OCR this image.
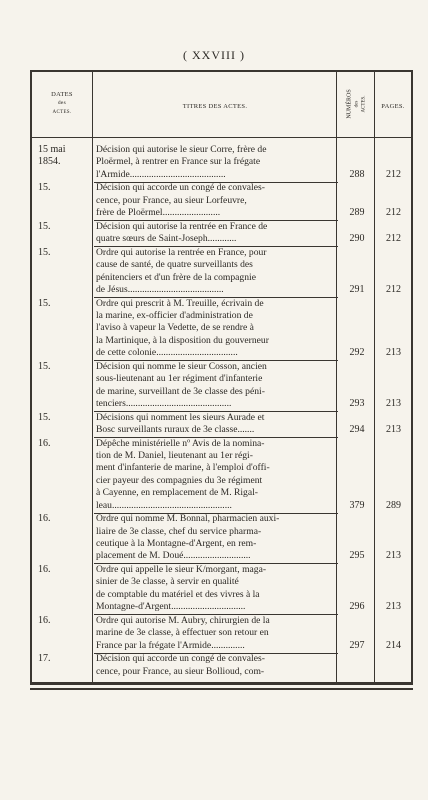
( XXVIII )
DATES
des
ACTES.
TITRES DES ACTES.	NUMÉROS des ACTES.	PAGES.
15 mai
1854.
Décision qui autorise le sieur Corre, frère de
Ploërmel, à rentrer en France sur la frégate
l'Armide........................................	288	212
15.	Décision qui accorde un congé de convales-
cence, pour France, au sieur Lorfeuvre,
frère de Ploërmel........................	289	212
15.	Décision qui autorise la rentrée en France de
quatre sœurs de Saint-Joseph............	290	212
15.	Ordre qui autorise la rentrée en France, pour
cause de santé, de quatre surveillants des
pénitenciers et d'un frère de la compagnie
de Jésus........................................	291	212
15.	Ordre qui prescrit à M. Treuille, écrivain de
la marine, ex-officier d'administration de
l'aviso à vapeur la Vedette, de se rendre à
la Martinique, à la disposition du gouverneur
de cette colonie..................................	292	213
15.	Décision qui nomme le sieur Cosson, ancien
sous-lieutenant au 1er régiment d'infanterie
de marine, surveillant de 3e classe des péni-
tenciers............................................	293	213
15.	Décisions qui nomment les sieurs Aurade et
Bosc surveillants ruraux de 3e classe.......	294	213
16.	Dépêche ministérielle nº Avis de la nomina-
tion de M. Daniel, lieutenant au 1er régi-
ment d'infanterie de marine, à l'emploi d'offi-
cier payeur des compagnies du 3e régiment
à Cayenne, en remplacement de M. Rigal-
leau..................................................	379	289
16.	Ordre qui nomme M. Bonnal, pharmacien auxi-
liaire de 3e classe, chef du service pharma-
ceutique à la Montagne-d'Argent, en rem-
placement de M. Doué............................	295	213
16.	Ordre qui appelle le sieur K/morgant, maga-
sinier de 3e classe, à servir en qualité
de comptable du matériel et des vivres à la
Montagne-d'Argent...............................	296	213
16.	Ordre qui autorise M. Aubry, chirurgien de la
marine de 3e classe, à effectuer son retour en
France par la frégate l'Armide..............	297	214
17.	Décision qui accorde un congé de convales-
cence, pour France, au sieur Bollioud, com-
